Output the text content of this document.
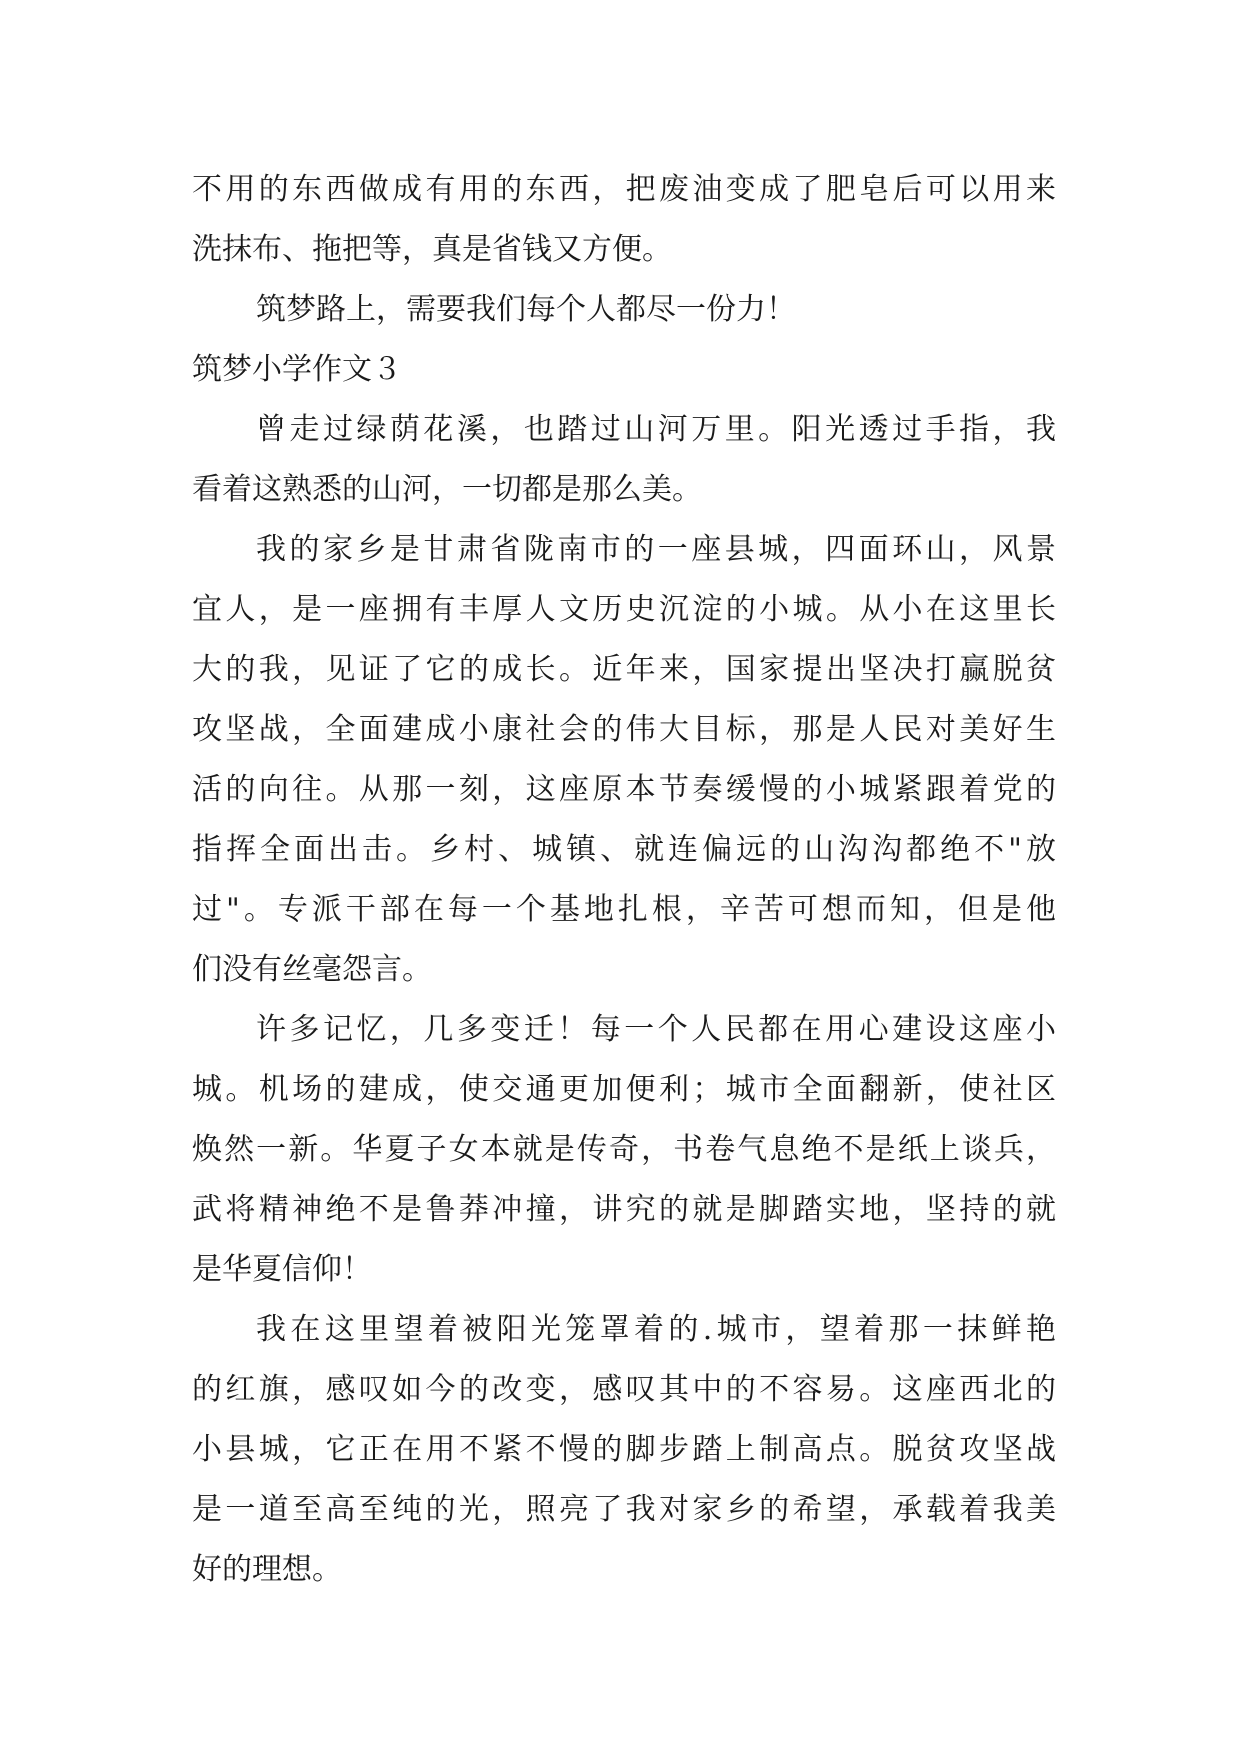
不用的东西做成有用的东西，把废油变成了肥皂后可以用来
洗抹布、拖把等，真是省钱又方便。
筑梦路上，需要我们每个人都尽一份力！
筑梦小学作文３
曾走过绿荫花溪，也踏过山河万里。阳光透过手指，我
看着这熟悉的山河，一切都是那么美。
我的家乡是甘肃省陇南市的一座县城，四面环山，风景
宜人，是一座拥有丰厚人文历史沉淀的小城。从小在这里长
大的我，见证了它的成长。近年来，国家提出坚决打赢脱贫
攻坚战，全面建成小康社会的伟大目标，那是人民对美好生
活的向往。从那一刻，这座原本节奏缓慢的小城紧跟着党的
指挥全面出击。乡村、城镇、就连偏远的山沟沟都绝不"放
过"。专派干部在每一个基地扎根，辛苦可想而知，但是他
们没有丝毫怨言。
许多记忆，几多变迁！每一个人民都在用心建设这座小
城。机场的建成，使交通更加便利；城市全面翻新，使社区
焕然一新。华夏子女本就是传奇，书卷气息绝不是纸上谈兵，
武将精神绝不是鲁莽冲撞，讲究的就是脚踏实地，坚持的就
是华夏信仰！
我在这里望着被阳光笼罩着的.城市，望着那一抹鲜艳
的红旗，感叹如今的改变，感叹其中的不容易。这座西北的
小县城，它正在用不紧不慢的脚步踏上制高点。脱贫攻坚战
是一道至高至纯的光，照亮了我对家乡的希望，承载着我美
好的理想。
